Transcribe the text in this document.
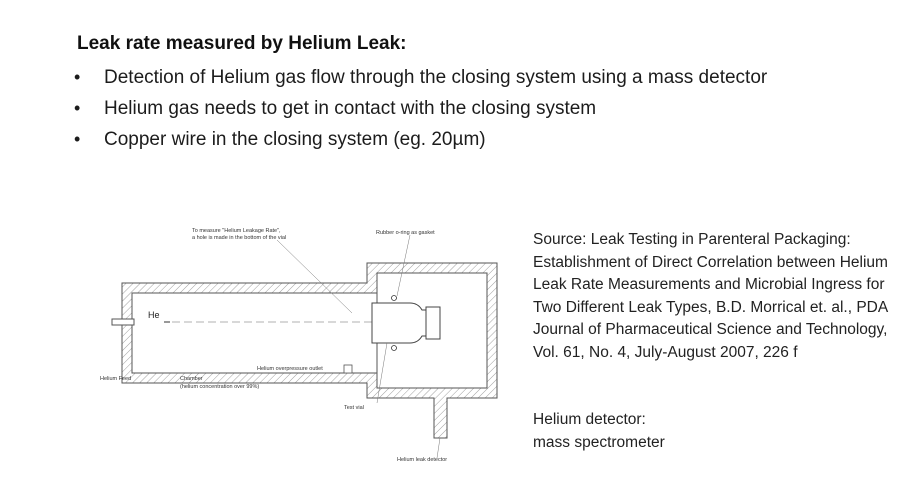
Leak rate measured by Helium Leak:
• Detection of Helium gas flow through the closing system using a mass detector
• Helium gas needs to get in contact with the closing system
• Copper wire in the closing system (eg. 20µm)
He
To measure "Helium Leakage Rate",
a hole is made in the bottom of the vial
Rubber o-ring as gasket
Helium Feed	Chamber
(helium concentration over 99%)
Helium overpressure outlet
Test vial
Helium leak detector
Source: Leak Testing in Parenteral Packaging: Establishment of Direct Correlation between Helium Leak Rate Measurements and Microbial Ingress for Two Different Leak Types, B.D. Morrical et. al., PDA Journal of Pharmaceutical Science and Technology, Vol. 61, No. 4, July-August 2007, 226 f
Helium detector:
mass spectrometer
